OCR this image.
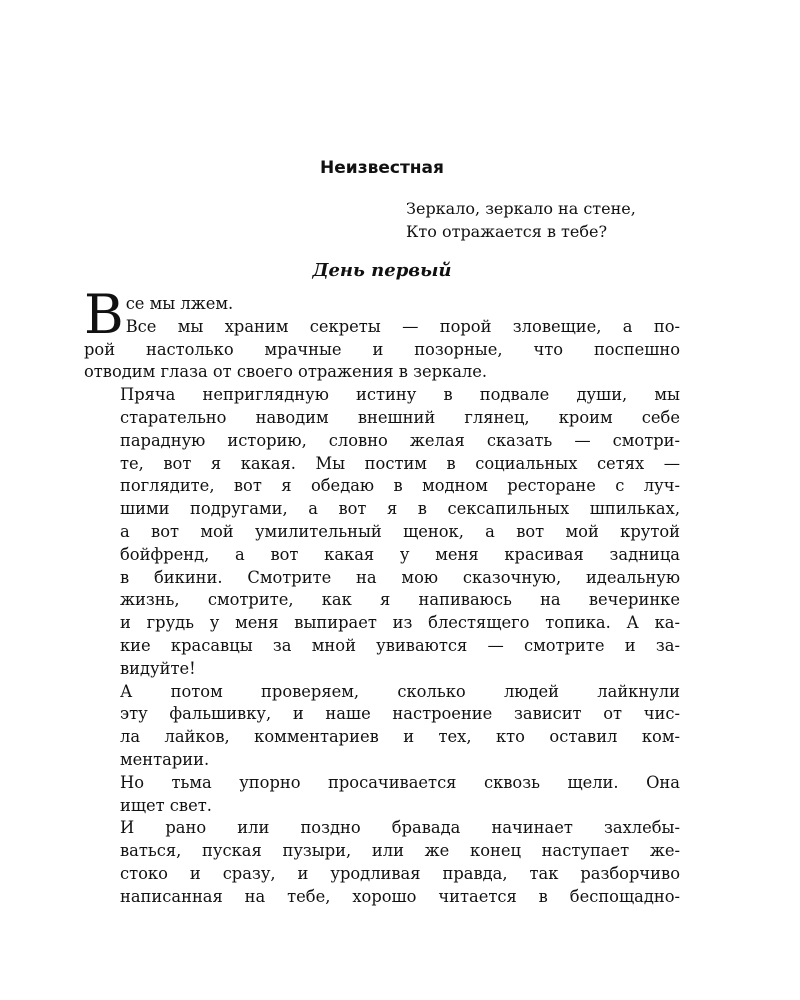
Неизвестная
Зеркало, зеркало на стене,
Кто отражается в тебе?
День первый

В се мы лжем.
Все мы храним секреты — порой зловещие, а по-
рой настолько мрачные и позорные, что поспешно
отводим глаза от своего отражения в зеркале.

Пряча неприглядную истину в подвале души, мы
старательно наводим внешний глянец, кроим себе
парадную историю, словно желая сказать — смотри-
те, вот я какая. Мы постим в социальных сетях —
поглядите, вот я обедаю в модном ресторане с луч-
шими подругами, а вот я в сексапильных шпильках,
а вот мой умилительный щенок, а вот мой крутой
бойфренд, а вот какая у меня красивая задница
в бикини. Смотрите на мою сказочную, идеальную
жизнь, смотрите, как я напиваюсь на вечеринке
и грудь у меня выпирает из блестящего топика. А ка-
кие красавцы за мной увиваются — смотрите и за-
видуйте!

А потом проверяем, сколько людей лайкнули
эту фальшивку, и наше настроение зависит от чис-
ла лайков, комментариев и тех, кто оставил ком-
ментарии.

Но тьма упорно просачивается сквозь щели. Она
ищет свет.

И рано или поздно бравада начинает захлебы-
ваться, пуская пузыри, или же конец наступает же-
стоко и сразу, и уродливая правда, так разборчиво
написанная на тебе, хорошо читается в беспощадно-
